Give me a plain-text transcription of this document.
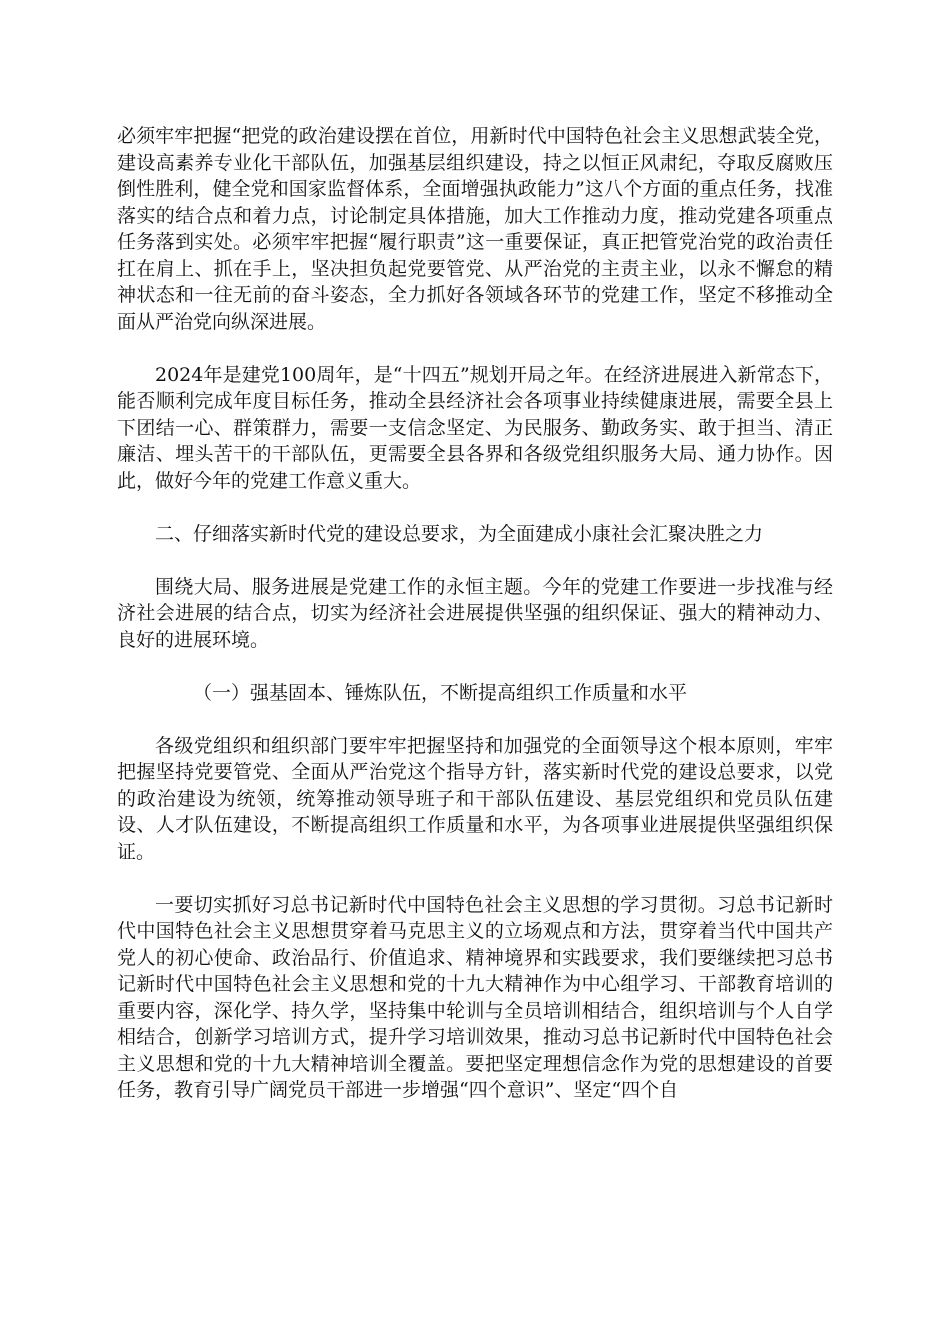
必须牢牢把握“把党的政治建设摆在首位，用新时代中国特色社会主义思想武装全党，建设高素养专业化干部队伍，加强基层组织建设，持之以恒正风肃纪，夺取反腐败压倒性胜利，健全党和国家监督体系，全面增强执政能力”这八个方面的重点任务，找准落实的结合点和着力点，讨论制定具体措施，加大工作推动力度，推动党建各项重点任务落到实处。必须牢牢把握“履行职责”这一重要保证，真正把管党治党的政治责任扛在肩上、抓在手上，坚决担负起党要管党、从严治党的主责主业，以永不懈怠的精神状态和一往无前的奋斗姿态，全力抓好各领域各环节的党建工作，坚定不移推动全面从严治党向纵深进展。

2024年是建党100周年，是“十四五”规划开局之年。在经济进展进入新常态下，能否顺利完成年度目标任务，推动全县经济社会各项事业持续健康进展，需要全县上下团结一心、群策群力，需要一支信念坚定、为民服务、勤政务实、敢于担当、清正廉洁、埋头苦干的干部队伍，更需要全县各界和各级党组织服务大局、通力协作。因此，做好今年的党建工作意义重大。

二、仔细落实新时代党的建设总要求，为全面建成小康社会汇聚决胜之力

围绕大局、服务进展是党建工作的永恒主题。今年的党建工作要进一步找准与经济社会进展的结合点，切实为经济社会进展提供坚强的组织保证、强大的精神动力、良好的进展环境。

（一）强基固本、锤炼队伍，不断提高组织工作质量和水平

各级党组织和组织部门要牢牢把握坚持和加强党的全面领导这个根本原则，牢牢把握坚持党要管党、全面从严治党这个指导方针，落实新时代党的建设总要求，以党的政治建设为统领，统筹推动领导班子和干部队伍建设、基层党组织和党员队伍建设、人才队伍建设，不断提高组织工作质量和水平，为各项事业进展提供坚强组织保证。

一要切实抓好习总书记新时代中国特色社会主义思想的学习贯彻。习总书记新时代中国特色社会主义思想贯穿着马克思主义的立场观点和方法，贯穿着当代中国共产党人的初心使命、政治品行、价值追求、精神境界和实践要求，我们要继续把习总书记新时代中国特色社会主义思想和党的十九大精神作为中心组学习、干部教育培训的重要内容，深化学、持久学，坚持集中轮训与全员培训相结合，组织培训与个人自学相结合，创新学习培训方式，提升学习培训效果，推动习总书记新时代中国特色社会主义思想和党的十九大精神培训全覆盖。要把坚定理想信念作为党的思想建设的首要任务，教育引导广阔党员干部进一步增强“四个意识”、坚定“四个自
